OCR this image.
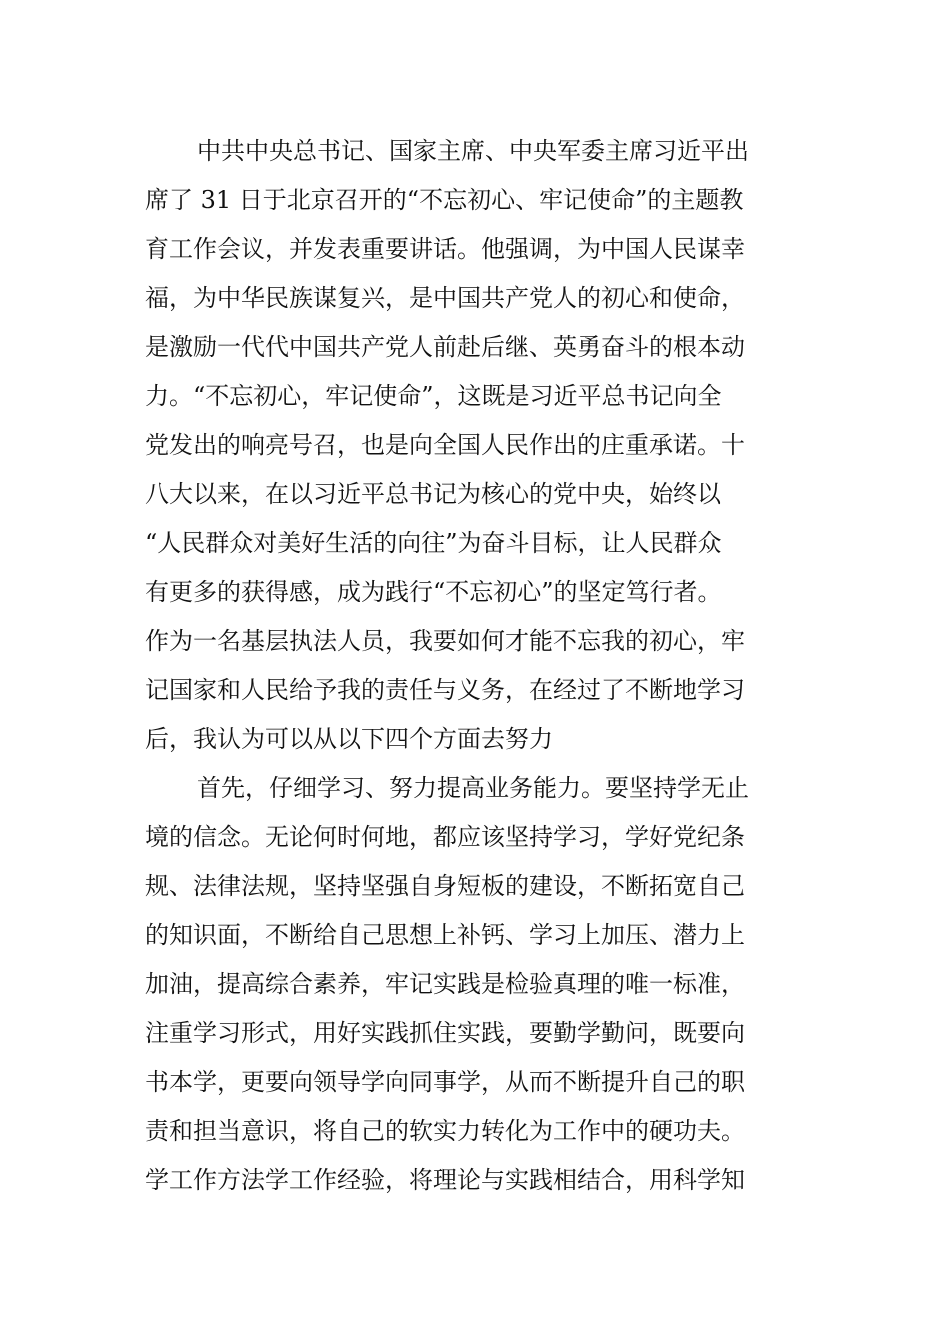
中共中央总书记、国家主席、中央军委主席习近平出
席了 31 日于北京召开的“不忘初心、牢记使命”的主题教
育工作会议，并发表重要讲话。他强调，为中国人民谋幸
福，为中华民族谋复兴，是中国共产党人的初心和使命，
是激励一代代中国共产党人前赴后继、英勇奋斗的根本动
力。“不忘初心，牢记使命”，这既是习近平总书记向全
党发出的响亮号召，也是向全国人民作出的庄重承诺。十
八大以来，在以习近平总书记为核心的党中央，始终以
“人民群众对美好生活的向往”为奋斗目标，让人民群众
有更多的获得感，成为践行“不忘初心”的坚定笃行者。
作为一名基层执法人员，我要如何才能不忘我的初心，牢
记国家和人民给予我的责任与义务，在经过了不断地学习
后，我认为可以从以下四个方面去努力
首先，仔细学习、努力提高业务能力。要坚持学无止
境的信念。无论何时何地，都应该坚持学习，学好党纪条
规、法律法规，坚持坚强自身短板的建设，不断拓宽自己
的知识面，不断给自己思想上补钙、学习上加压、潜力上
加油，提高综合素养，牢记实践是检验真理的唯一标准，
注重学习形式，用好实践抓住实践，要勤学勤问，既要向
书本学，更要向领导学向同事学，从而不断提升自己的职
责和担当意识，将自己的软实力转化为工作中的硬功夫。
学工作方法学工作经验，将理论与实践相结合，用科学知
